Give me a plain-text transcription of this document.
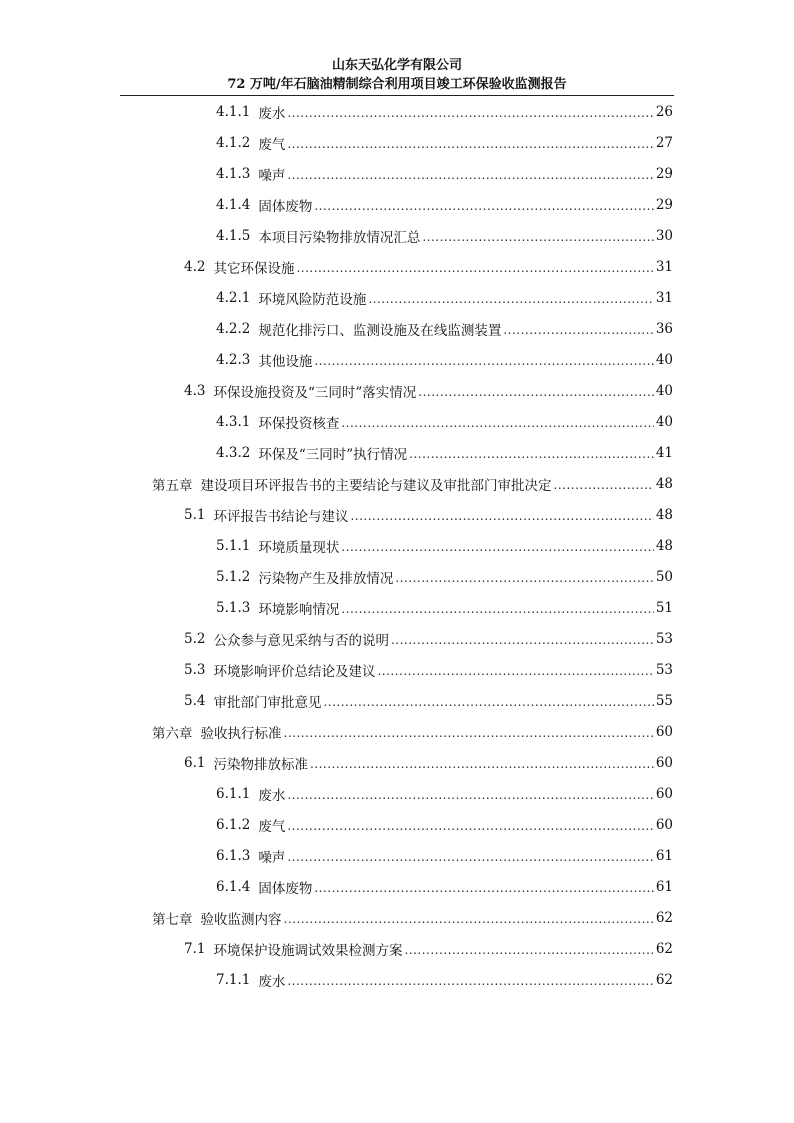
山东天弘化学有限公司
72 万吨/年石脑油精制综合利用项目竣工环保验收监测报告
4.1.1 废水 .....	26
4.1.2 废气 .....	27
4.1.3 噪声 .....	29
4.1.4 固体废物 .....	29
4.1.5 本项目污染物排放情况汇总 .....	30
4.2 其它环保设施 .....	31
4.2.1 环境风险防范设施 .....	31
4.2.2 规范化排污口、监测设施及在线监测装置 .....	36
4.2.3 其他设施 .....	40
4.3 环保设施投资及“三同时”落实情况 .....	40
4.3.1 环保投资核查 .....	40
4.3.2 环保及“三同时”执行情况 .....	41
第五章 建设项目环评报告书的主要结论与建议及审批部门审批决定 .....	48
5.1 环评报告书结论与建议 .....	48
5.1.1 环境质量现状 .....	48
5.1.2 污染物产生及排放情况 .....	50
5.1.3 环境影响情况 .....	51
5.2 公众参与意见采纳与否的说明 .....	53
5.3 环境影响评价总结论及建议 .....	53
5.4 审批部门审批意见 .....	55
第六章 验收执行标准 .....	60
6.1 污染物排放标准 .....	60
6.1.1 废水 .....	60
6.1.2 废气 .....	60
6.1.3 噪声 .....	61
6.1.4 固体废物 .....	61
第七章 验收监测内容 .....	62
7.1 环境保护设施调试效果检测方案 .....	62
7.1.1 废水 .....	62
